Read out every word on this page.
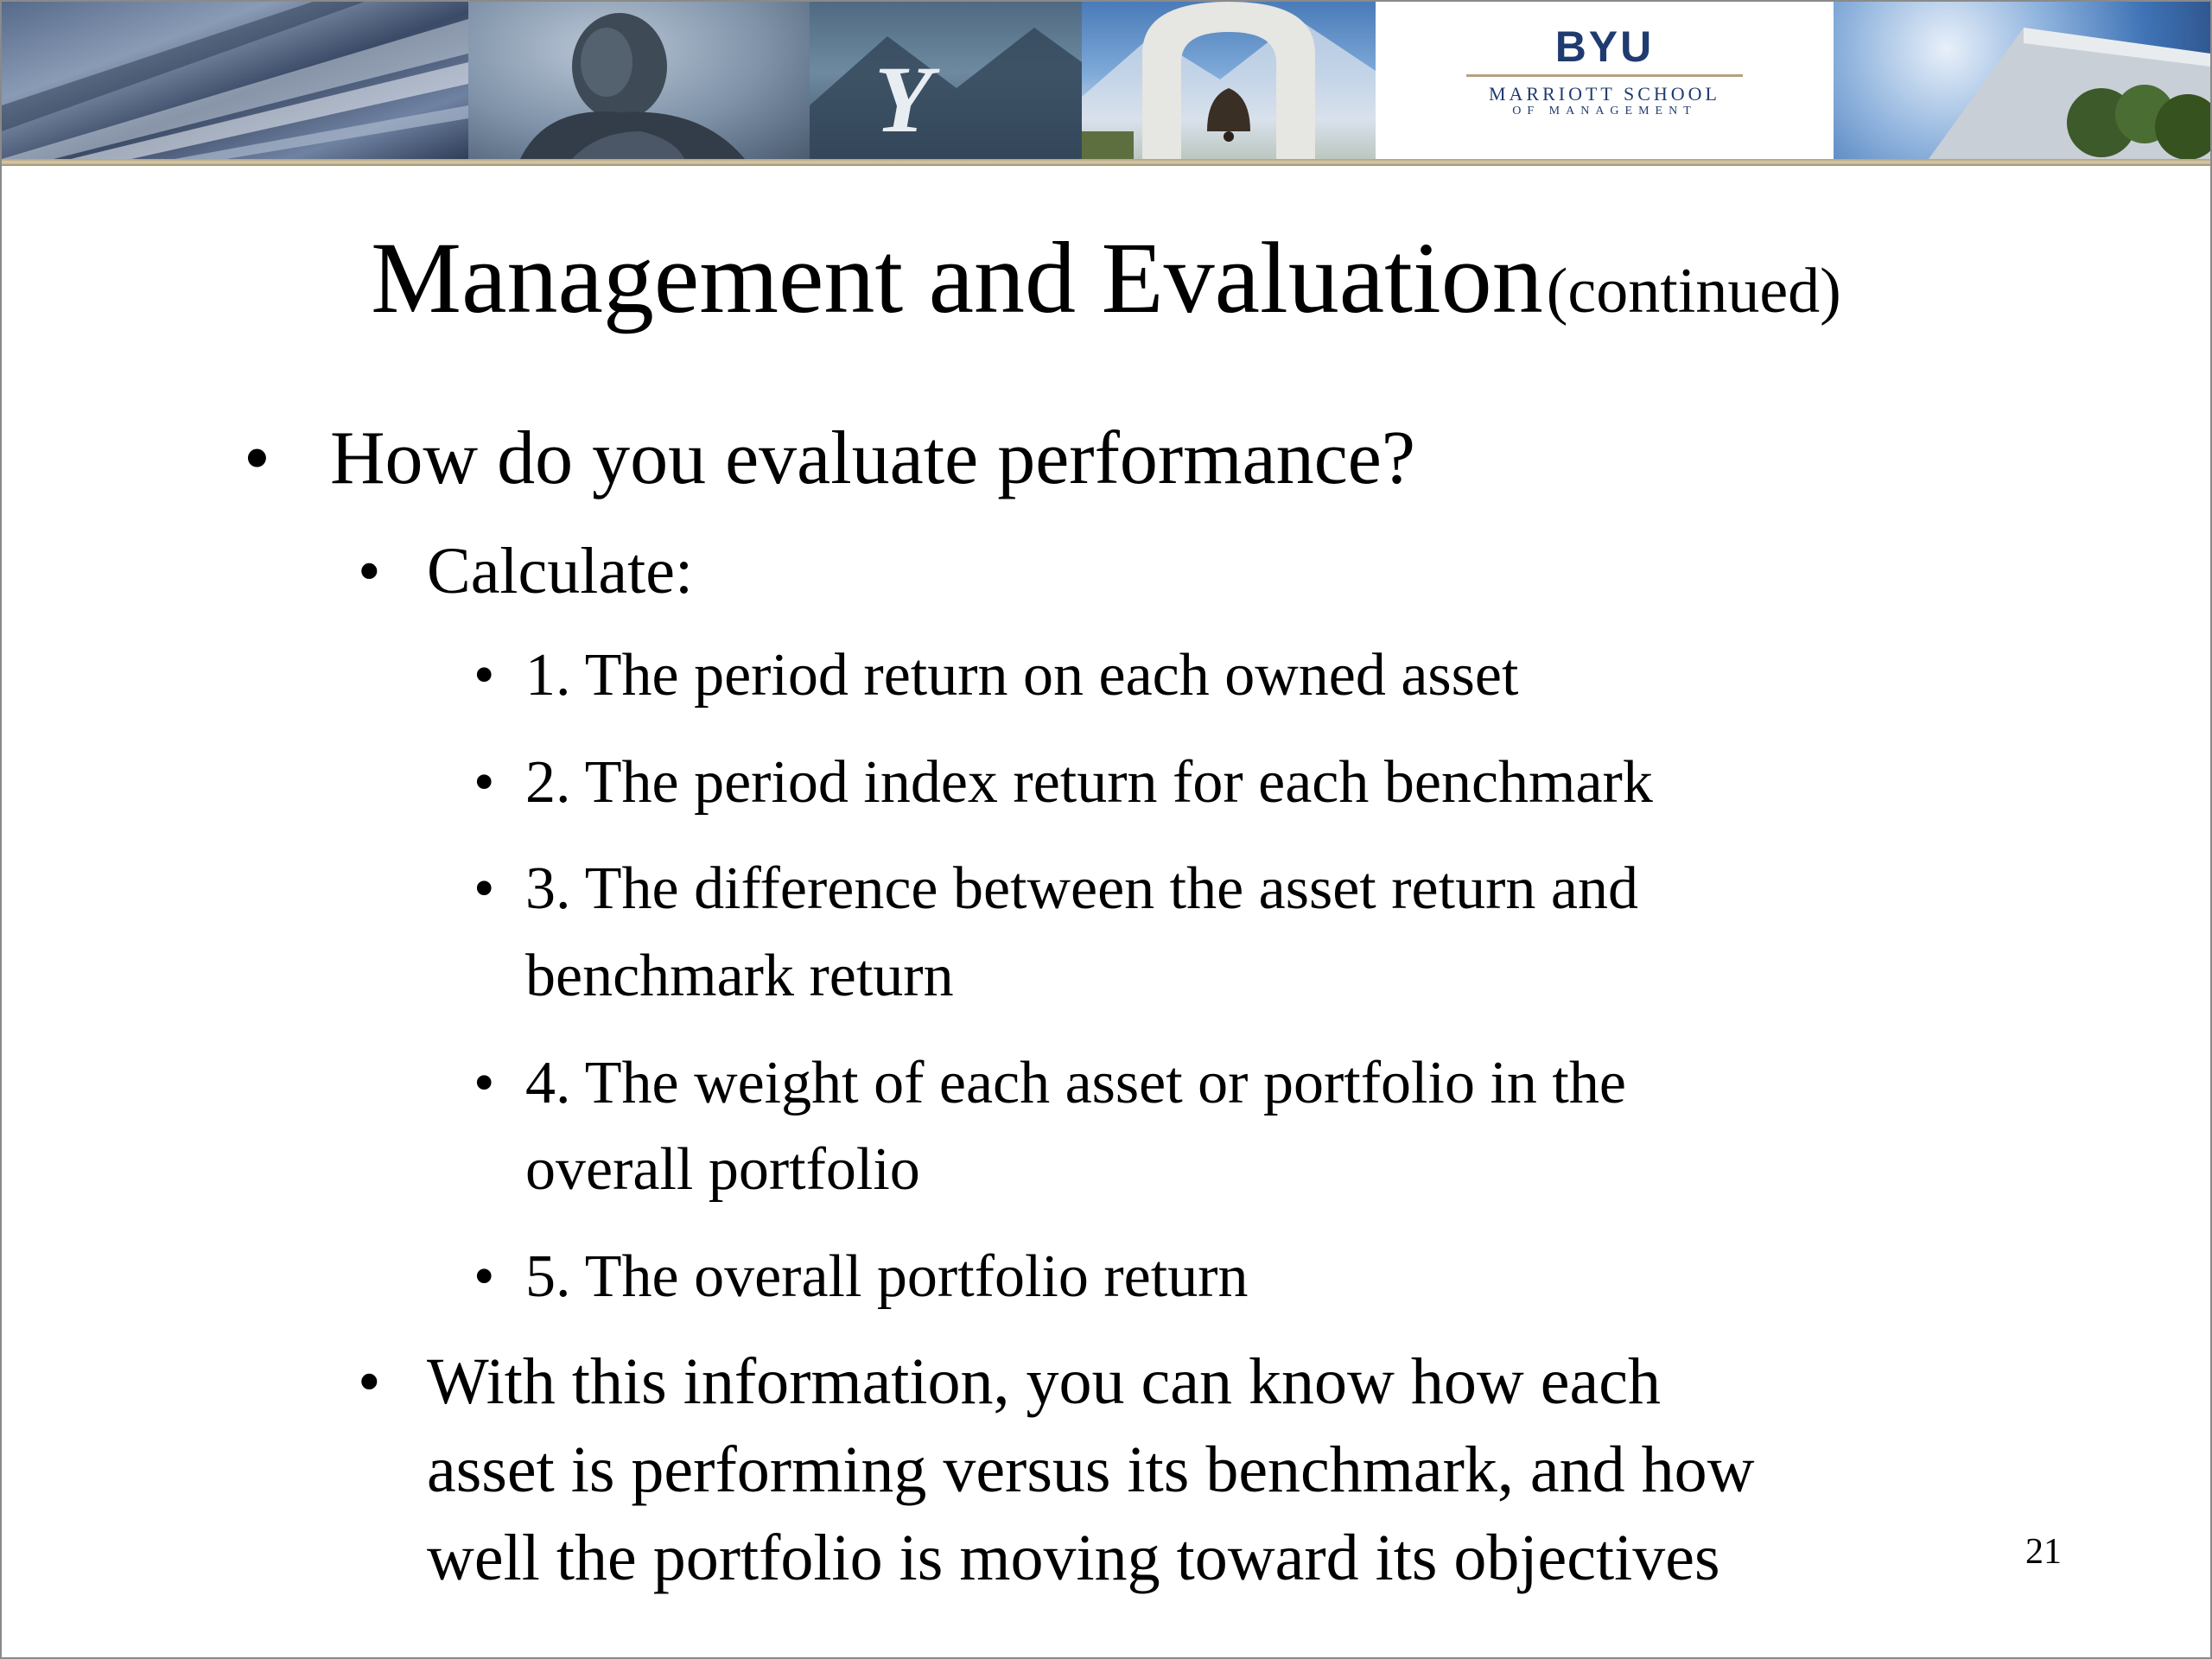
Y	BYU
MARRIOTT SCHOOL
OF MANAGEMENT
Management and Evaluation (continued)
• How do you evaluate performance?
• Calculate:
• 1. The period return on each owned asset
• 2. The period index return for each benchmark
• 3. The difference between the asset return and
benchmark return
• 4. The weight of each asset or portfolio in the
overall portfolio
• 5. The overall portfolio return
• With this information, you can know how each
asset is performing versus its benchmark, and how
well the portfolio is moving toward its objectives	21
